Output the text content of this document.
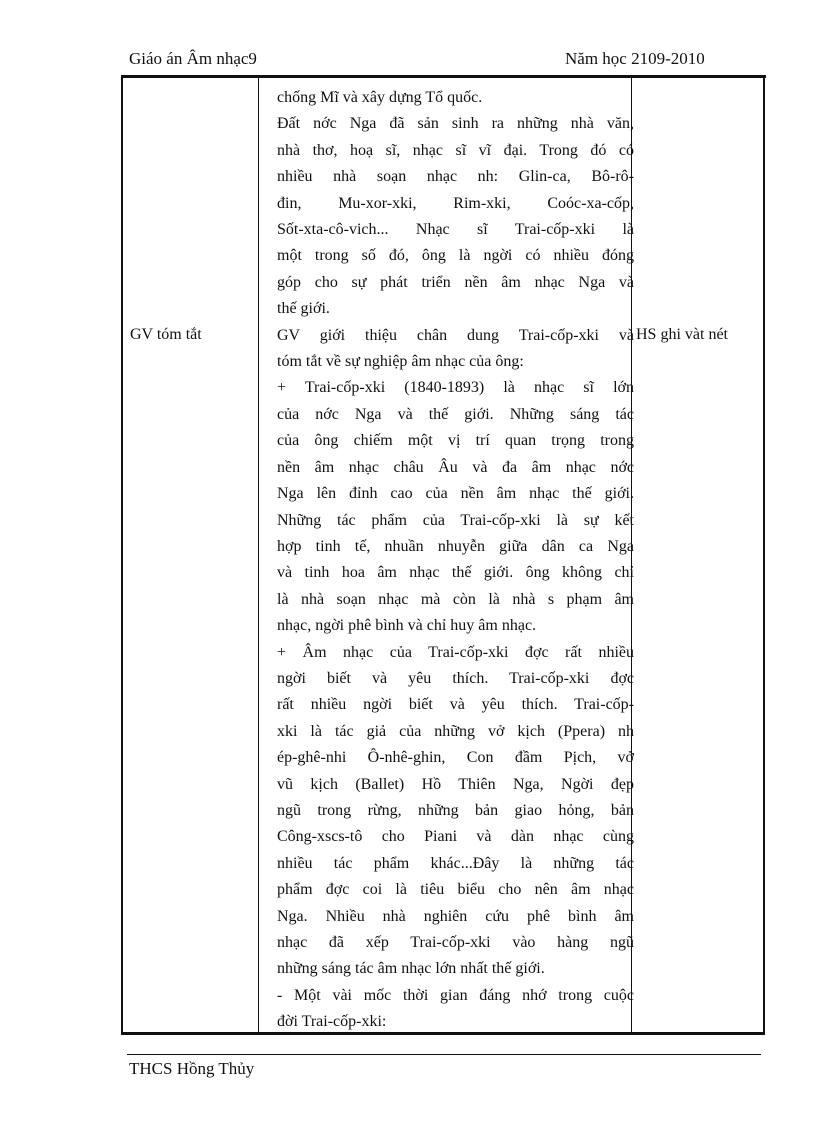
Giáo án Âm nhạc9	Năm học 2109-2010
GV tóm tắt
chống Mĩ và xây dựng Tổ quốc.
Đất nớc Nga đã sản sinh ra những nhà văn,
nhà thơ, hoạ sĩ, nhạc sĩ vĩ đại. Trong đó có
nhiều nhà soạn nhạc nh: Glin-ca, Bô-rô-
đin, Mu-xor-xki, Rim-xki, Coóc-xa-cốp,
Sốt-xta-cô-vich... Nhạc sĩ Trai-cốp-xki là
một trong số đó, ông là ngời có nhiều đóng
góp cho sự phát triển nền âm nhạc Nga và
thế giới.
GV giới thiệu chân dung Trai-cốp-xki và
tóm tắt về sự nghiệp âm nhạc của ông:
+ Trai-cốp-xki (1840-1893) là nhạc sĩ lớn
của nớc Nga và thế giới. Những sáng tác
của ông chiếm một vị trí quan trọng trong
nền âm nhạc châu Âu và đa âm nhạc nớc
Nga lên đỉnh cao của nền âm nhạc thế giới.
Những tác phẩm của Trai-cốp-xki là sự kết
hợp tinh tế, nhuần nhuyễn giữa dân ca Nga
và tinh hoa âm nhạc thế giới. ông không chỉ
là nhà soạn nhạc mà còn là nhà s phạm âm
nhạc, ngời phê bình và chỉ huy âm nhạc.
+ Âm nhạc của Trai-cốp-xki đợc rất nhiều
ngời biết và yêu thích. Trai-cốp-xki đợc
rất nhiều ngời biết và yêu thích. Trai-cốp-
xki là tác giả của những vở kịch (Ppera) nh
ép-ghê-nhi Ô-nhê-ghin, Con đầm Pịch, vở
vũ kịch (Ballet) Hồ Thiên Nga, Ngời đẹp
ngũ trong rừng, những bản giao hỏng, bản
Công-xscs-tô cho Piani và dàn nhạc cùng
nhiều tác phẩm khác...Đây là những tác
phẩm đợc coi là tiêu biểu cho nên âm nhạc
Nga. Nhiều nhà nghiên cứu phê bình âm
nhạc đã xếp Trai-cốp-xki vào hàng ngũ
những sáng tác âm nhạc lớn nhất thế giới.
- Một vài mốc thời gian đáng nhớ trong cuộc
đời Trai-cốp-xki:
HS ghi vàt nét
THCS Hồng Thủy
